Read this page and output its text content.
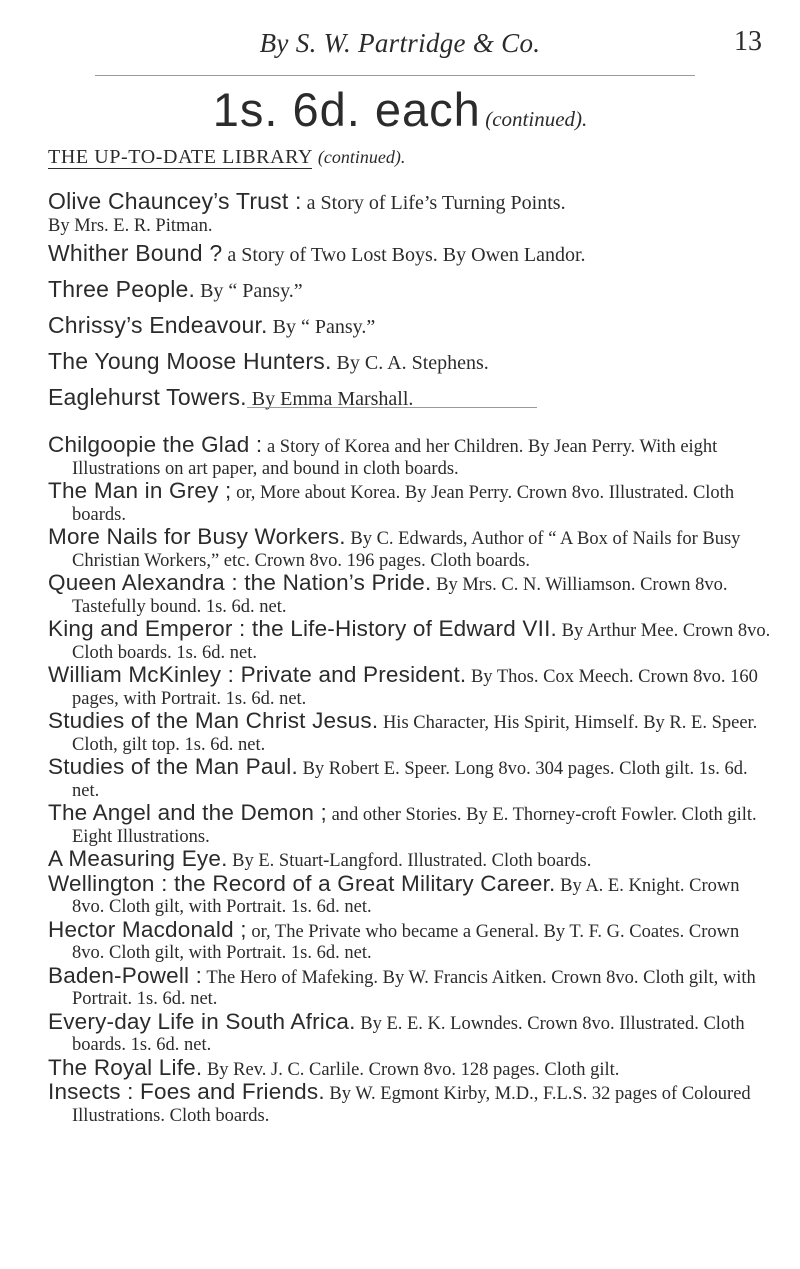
By S. W. Partridge & Co.	13
1s. 6d. each (continued).
THE UP-TO-DATE LIBRARY (continued).

Olive Chauncey’s Trust : a Story of Life’s Turning Points.
By Mrs. E. R. Pitman.

Whither Bound ? a Story of Two Lost Boys. By Owen Landor.

Three People. By “ Pansy.”

Chrissy’s Endeavour. By “ Pansy.”

The Young Moose Hunters. By C. A. Stephens.

Eaglehurst Towers. By Emma Marshall.

Chilgoopie the Glad : a Story of Korea and her Children. By Jean Perry. With eight Illustrations on art paper, and bound in cloth boards.

The Man in Grey ; or, More about Korea. By Jean Perry. Crown 8vo. Illustrated. Cloth boards.

More Nails for Busy Workers. By C. Edwards, Author of “ A Box of Nails for Busy Christian Workers,” etc. Crown 8vo. 196 pages. Cloth boards.

Queen Alexandra : the Nation’s Pride. By Mrs. C. N. Williamson. Crown 8vo. Tastefully bound. 1s. 6d. net.

King and Emperor : the Life-History of Edward VII. By Arthur Mee. Crown 8vo. Cloth boards. 1s. 6d. net.

William McKinley : Private and President. By Thos. Cox Meech. Crown 8vo. 160 pages, with Portrait. 1s. 6d. net.

Studies of the Man Christ Jesus. His Character, His Spirit, Himself. By R. E. Speer. Cloth, gilt top. 1s. 6d. net.

Studies of the Man Paul. By Robert E. Speer. Long 8vo. 304 pages. Cloth gilt. 1s. 6d. net.

The Angel and the Demon ; and other Stories. By E. Thorney-croft Fowler. Cloth gilt. Eight Illustrations.

A Measuring Eye. By E. Stuart-Langford. Illustrated. Cloth boards.

Wellington : the Record of a Great Military Career. By A. E. Knight. Crown 8vo. Cloth gilt, with Portrait. 1s. 6d. net.

Hector Macdonald ; or, The Private who became a General. By T. F. G. Coates. Crown 8vo. Cloth gilt, with Portrait. 1s. 6d. net.

Baden-Powell : The Hero of Mafeking. By W. Francis Aitken. Crown 8vo. Cloth gilt, with Portrait. 1s. 6d. net.

Every-day Life in South Africa. By E. E. K. Lowndes. Crown 8vo. Illustrated. Cloth boards. 1s. 6d. net.

The Royal Life. By Rev. J. C. Carlile. Crown 8vo. 128 pages. Cloth gilt.

Insects : Foes and Friends. By W. Egmont Kirby, M.D., F.L.S. 32 pages of Coloured Illustrations. Cloth boards.
